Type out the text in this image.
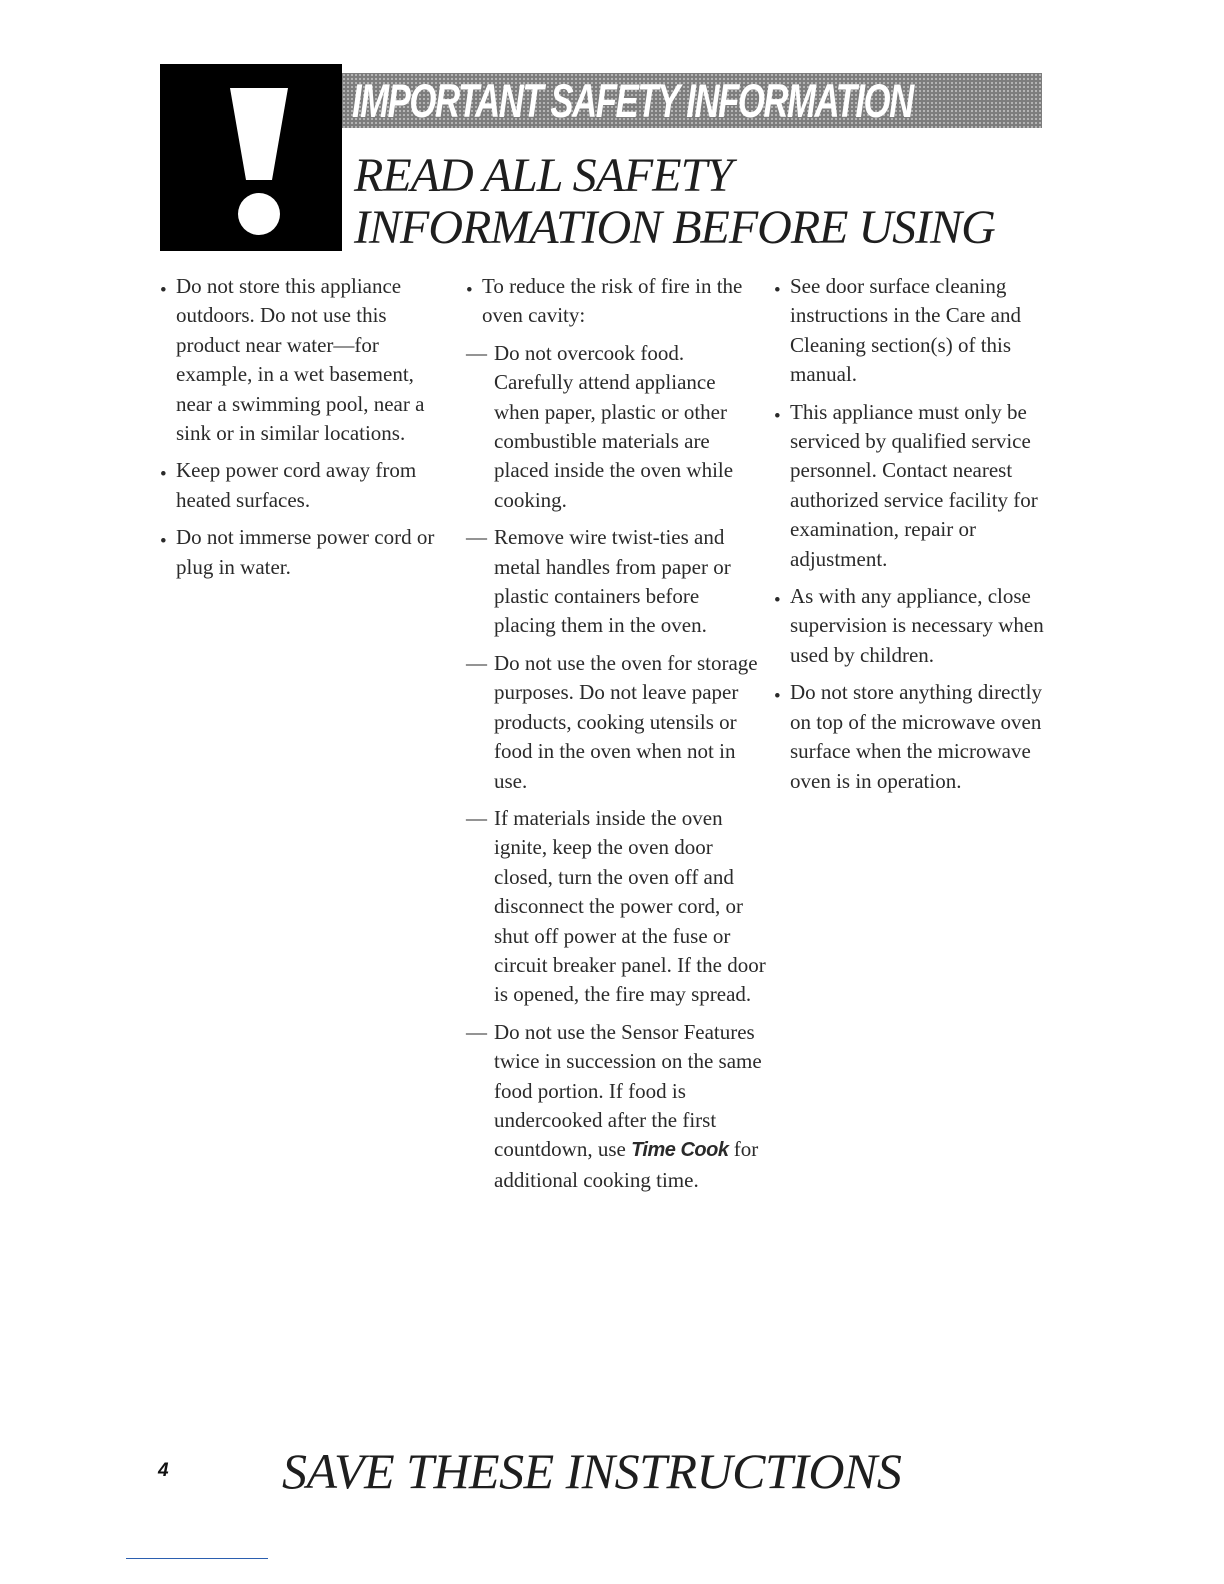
IMPORTANT SAFETY INFORMATION
READ ALL SAFETY
INFORMATION BEFORE USING
• Do not store this appliance outdoors. Do not use this product near water—for example, in a wet basement, near a swimming pool, near a sink or in similar locations.
• Keep power cord away from heated surfaces.
• Do not immerse power cord or plug in water.
• To reduce the risk of fire in the oven cavity:
— Do not overcook food. Carefully attend appliance when paper, plastic or other combustible materials are placed inside the oven while cooking.
— Remove wire twist-ties and metal handles from paper or plastic containers before placing them in the oven.
— Do not use the oven for storage purposes. Do not leave paper products, cooking utensils or food in the oven when not in use.
— If materials inside the oven ignite, keep the oven door closed, turn the oven off and disconnect the power cord, or shut off power at the fuse or circuit breaker panel. If the door is opened, the fire may spread.
— Do not use the Sensor Features twice in succession on the same food portion. If food is undercooked after the first countdown, use Time Cook for additional cooking time.
• See door surface cleaning instructions in the Care and Cleaning section(s) of this manual.
• This appliance must only be serviced by qualified service personnel. Contact nearest authorized service facility for examination, repair or adjustment.
• As with any appliance, close supervision is necessary when used by children.
• Do not store anything directly on top of the microwave oven surface when the microwave oven is in operation.
4 SAVE THESE INSTRUCTIONS
